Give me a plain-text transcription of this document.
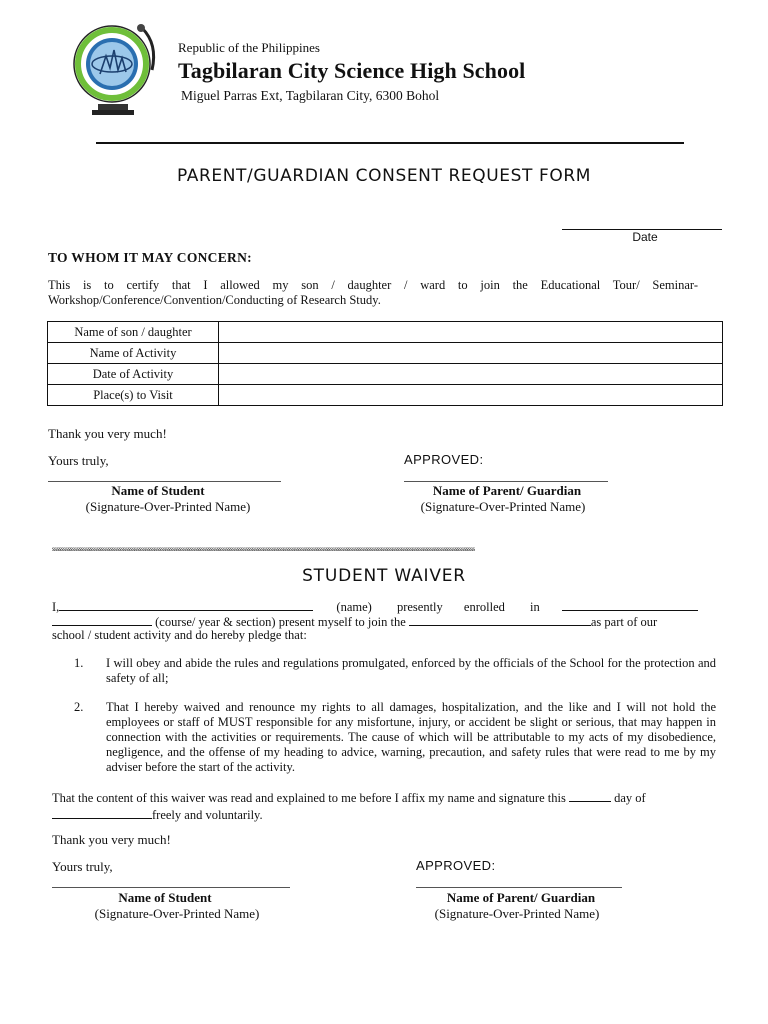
Republic of the Philippines
Tagbilaran City Science High School
Miguel Parras Ext, Tagbilaran City, 6300 Bohol
PARENT/GUARDIAN CONSENT REQUEST FORM
Date
TO WHOM IT MAY CONCERN:
This is to certify that I allowed my son / daughter / ward to join the Educational Tour/ Seminar-Workshop/Conference/Convention/Conducting of Research Study.
Name of son / daughter	
Name of Activity	
Date of Activity	
Place(s) to Visit	
Thank you very much!
Yours truly,	APPROVED:
Name of Student
(Signature-Over-Printed Name)
Name of Parent/ Guardian
(Signature-Over-Printed Name)
ssssssssssssssssssssssssssssssssssssssssssssssssssssssssssssssssssssssssssssssssssssssssssssssssssssssssssssssssssssssssssssssssssssssssssssssssssssssssssssssssssssssssssssssssssssssssssssss
STUDENT WAIVER
I,	(name) presently enrolled in
(course/ year & section) present myself to join the	as part of our
school / student activity and do hereby pledge that:
1. I will obey and abide the rules and regulations promulgated, enforced by the officials of the School for the protection and safety of all;
2. That I hereby waived and renounce my rights to all damages, hospitalization, and the like and I will not hold the employees or staff of MUST responsible for any misfortune, injury, or accident be slight or serious, that may happen in connection with the activities or requirements. The cause of which will be attributable to my acts of my disobedience, negligence, and the offense of my heading to advice, warning, precaution, and safety rules that were read to me by my adviser before the start of the activity.
That the content of this waiver was read and explained to me before I affix my name and signature this	day offreely and voluntarily.
Thank you very much!
Yours truly,	APPROVED:
Name of Student
(Signature-Over-Printed Name)
Name of Parent/ Guardian
(Signature-Over-Printed Name)
